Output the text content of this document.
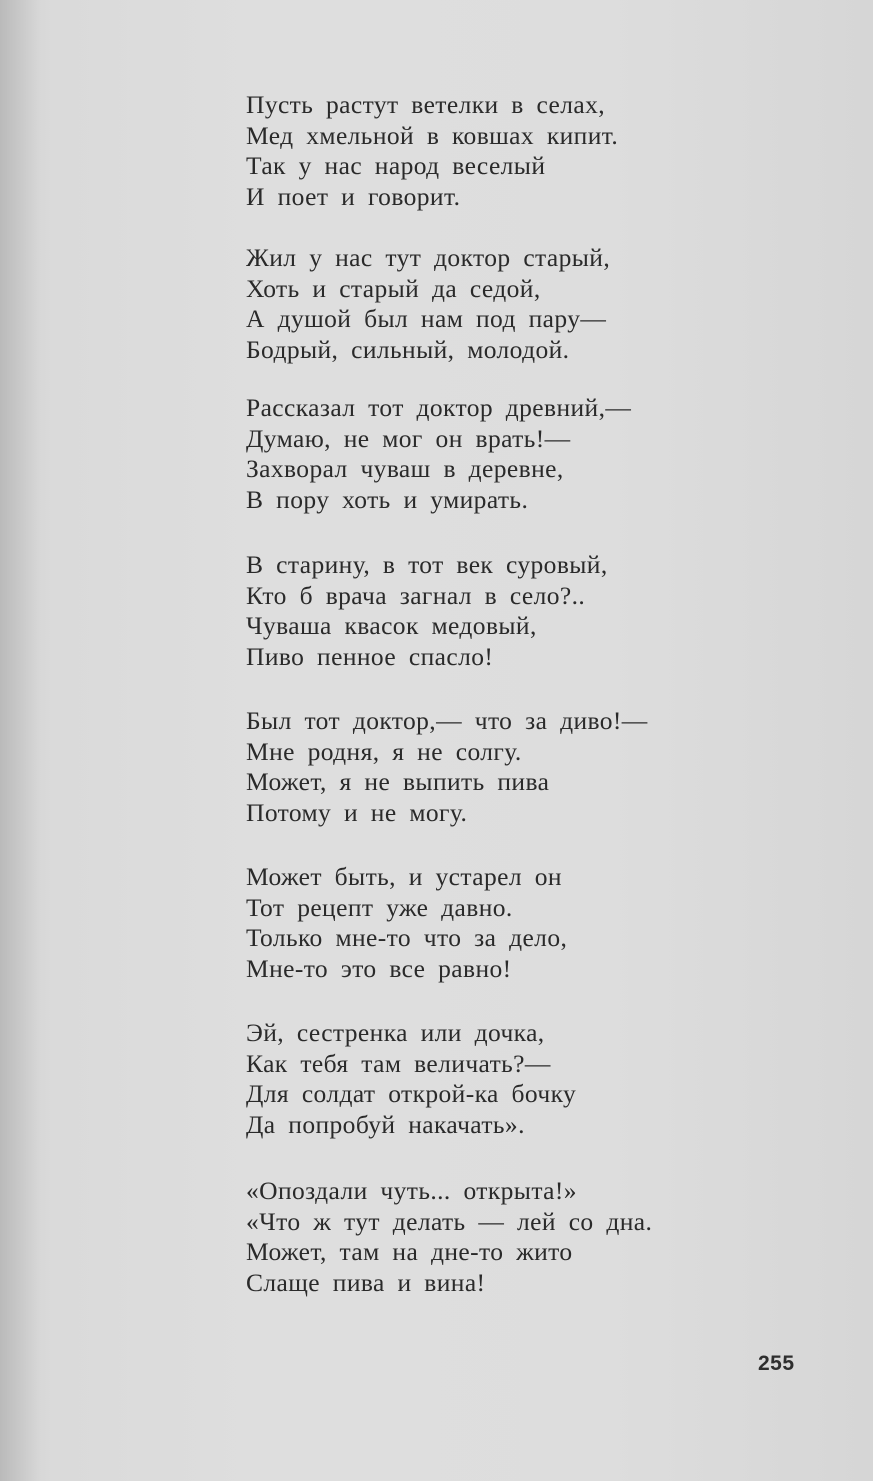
Пусть растут ветелки в селах,
Мед хмельной в ковшах кипит.
Так у нас народ веселый
И поет и говорит.
Жил у нас тут доктор старый,
Хоть и старый да седой,
А душой был нам под пару—
Бодрый, сильный, молодой.
Рассказал тот доктор древний,—
Думаю, не мог он врать!—
Захворал чуваш в деревне,
В пору хоть и умирать.
В старину, в тот век суровый,
Кто б врача загнал в село?..
Чуваша квасок медовый,
Пиво пенное спасло!
Был тот доктор,— что за диво!—
Мне родня, я не солгу.
Может, я не выпить пива
Потому и не могу.
Может быть, и устарел он
Тот рецепт уже давно.
Только мне-то что за дело,
Мне-то это все равно!
Эй, сестренка или дочка,
Как тебя там величать?—
Для солдат открой-ка бочку
Да попробуй накачать».
«Опоздали чуть... открыта!»
«Что ж тут делать — лей со дна.
Может, там на дне-то жито
Слаще пива и вина!
255
